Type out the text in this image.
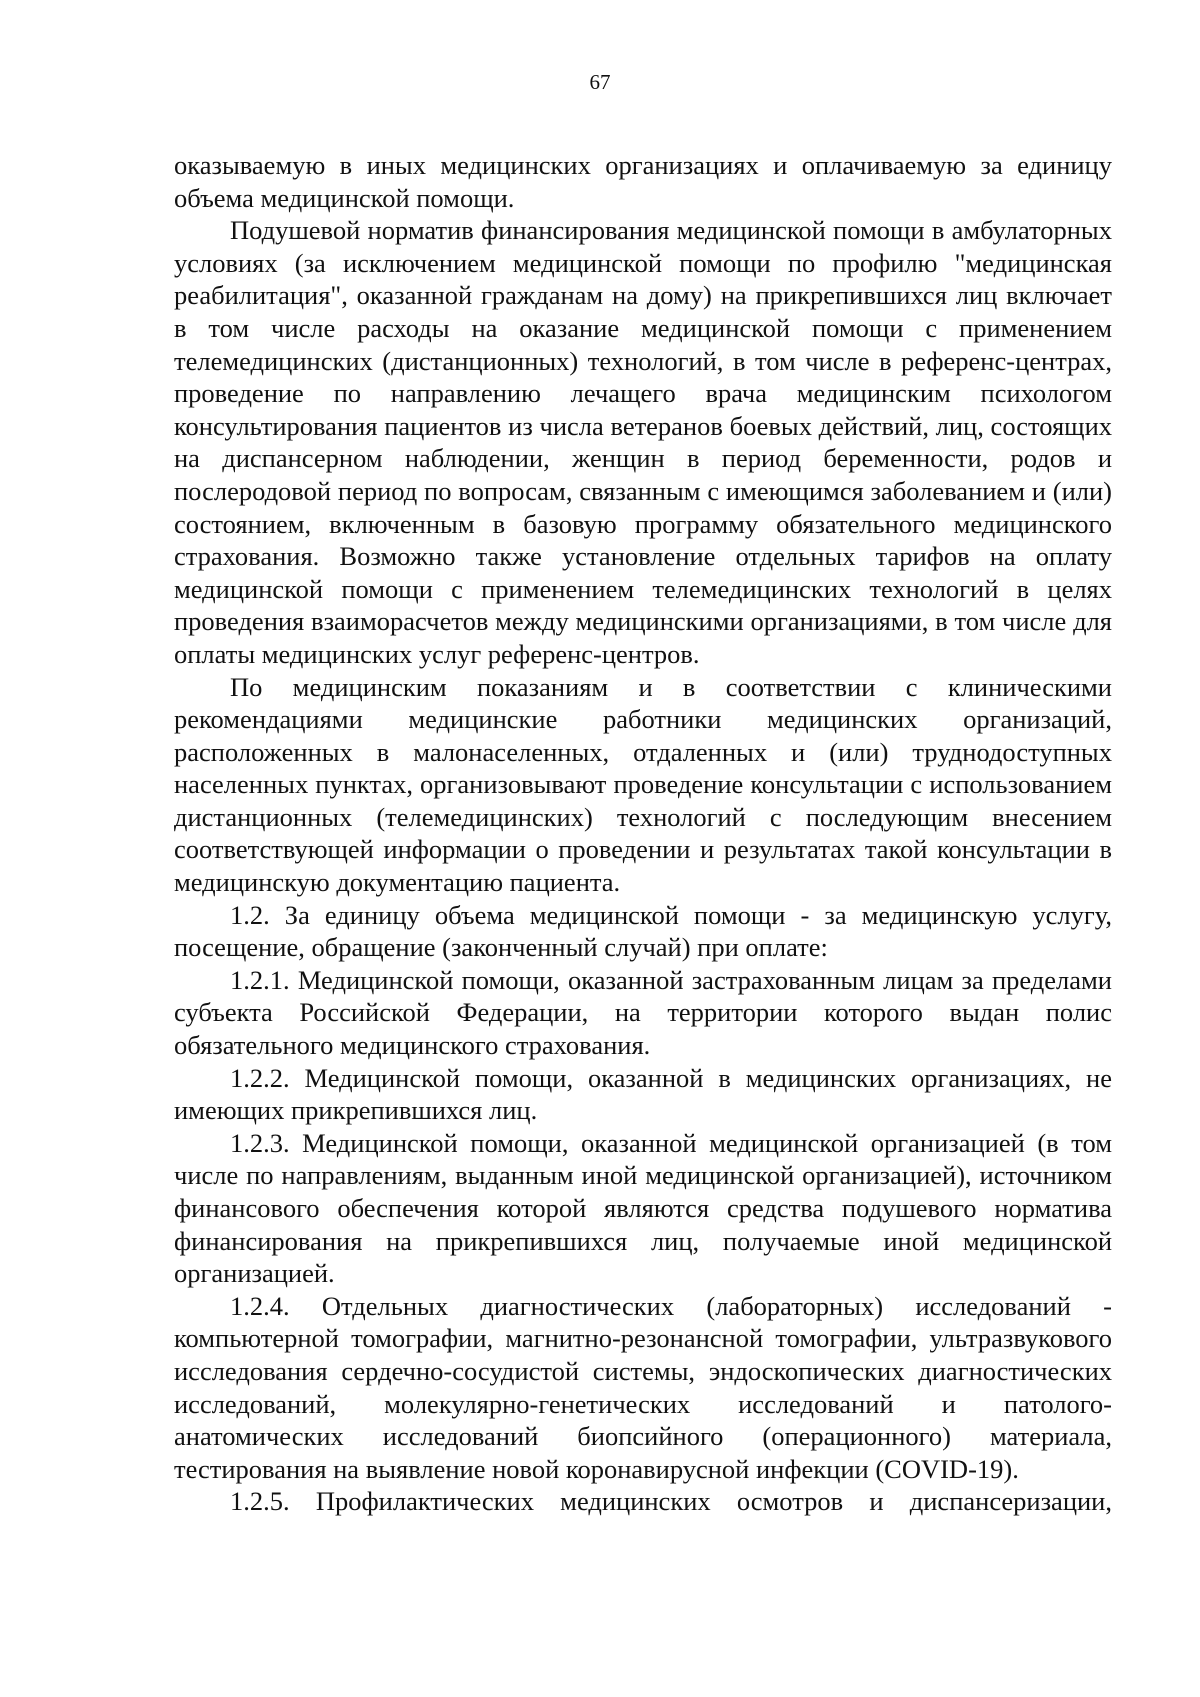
67

оказываемую в иных медицинских организациях и оплачиваемую за единицу объема медицинской помощи.

Подушевой норматив финансирования медицинской помощи в амбулаторных условиях (за исключением медицинской помощи по профилю "медицинская реабилитация", оказанной гражданам на дому) на прикрепившихся лиц включает в том числе расходы на оказание медицинской помощи с применением телемедицинских (дистанционных) технологий, в том числе в референс-центрах, проведение по направлению лечащего врача медицинским психологом консультирования пациентов из числа ветеранов боевых действий, лиц, состоящих на диспансерном наблюдении, женщин в период беременности, родов и послеродовой период по вопросам, связанным с имеющимся заболеванием и (или) состоянием, включенным в базовую программу обязательного медицинского страхования. Возможно также установление отдельных тарифов на оплату медицинской помощи с применением телемедицинских технологий в целях проведения взаиморасчетов между медицинскими организациями, в том числе для оплаты медицинских услуг референс-центров.

По медицинским показаниям и в соответствии с клиническими рекомендациями медицинские работники медицинских организаций, расположенных в малонаселенных, отдаленных и (или) труднодоступных населенных пунктах, организовывают проведение консультации с использованием дистанционных (телемедицинских) технологий с последующим внесением соответствующей информации о проведении и результатах такой консультации в медицинскую документацию пациента.

1.2. За единицу объема медицинской помощи - за медицинскую услугу, посещение, обращение (законченный случай) при оплате:

1.2.1. Медицинской помощи, оказанной застрахованным лицам за пределами субъекта Российской Федерации, на территории которого выдан полис обязательного медицинского страхования.

1.2.2. Медицинской помощи, оказанной в медицинских организациях, не имеющих прикрепившихся лиц.

1.2.3. Медицинской помощи, оказанной медицинской организацией (в том числе по направлениям, выданным иной медицинской организацией), источником финансового обеспечения которой являются средства подушевого норматива финансирования на прикрепившихся лиц, получаемые иной медицинской организацией.

1.2.4. Отдельных диагностических (лабораторных) исследований - компьютерной томографии, магнитно-резонансной томографии, ультразвукового исследования сердечно-сосудистой системы, эндоскопических диагностических исследований, молекулярно-генетических исследований и патолого-анатомических исследований биопсийного (операционного) материала, тестирования на выявление новой коронавирусной инфекции (COVID-19).

1.2.5. Профилактических медицинских осмотров и диспансеризации,
